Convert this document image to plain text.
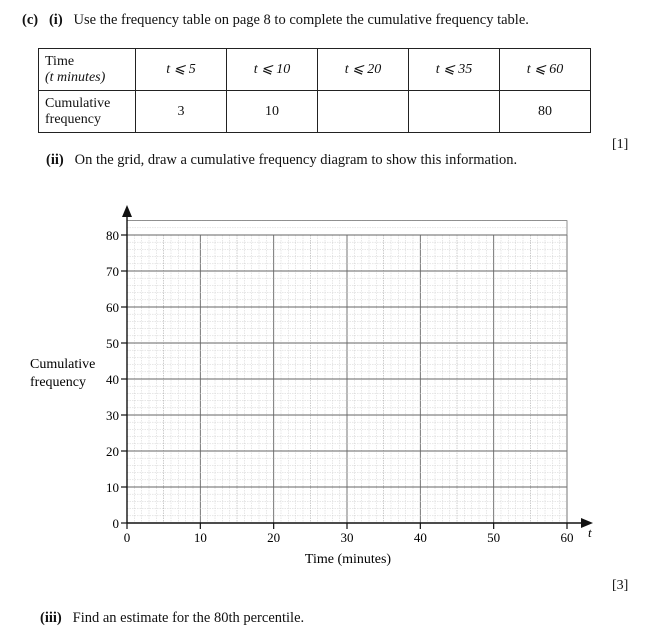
(c) (i) Use the frequency table on page 8 to complete the cumulative frequency table.
Time
(t minutes)	t ⩽ 5	t ⩽ 10	t ⩽ 20	t ⩽ 35	t ⩽ 60

Cumulative
frequency	3	10			80
[1]
(ii) On the grid, draw a cumulative frequency diagram to show this information.
0
10
20
30
40
50
60
70
80
0	10	20	30	40	50	60
Cumulative
frequency
Time (minutes)
t
[3]
(iii) Find an estimate for the 80th percentile.
